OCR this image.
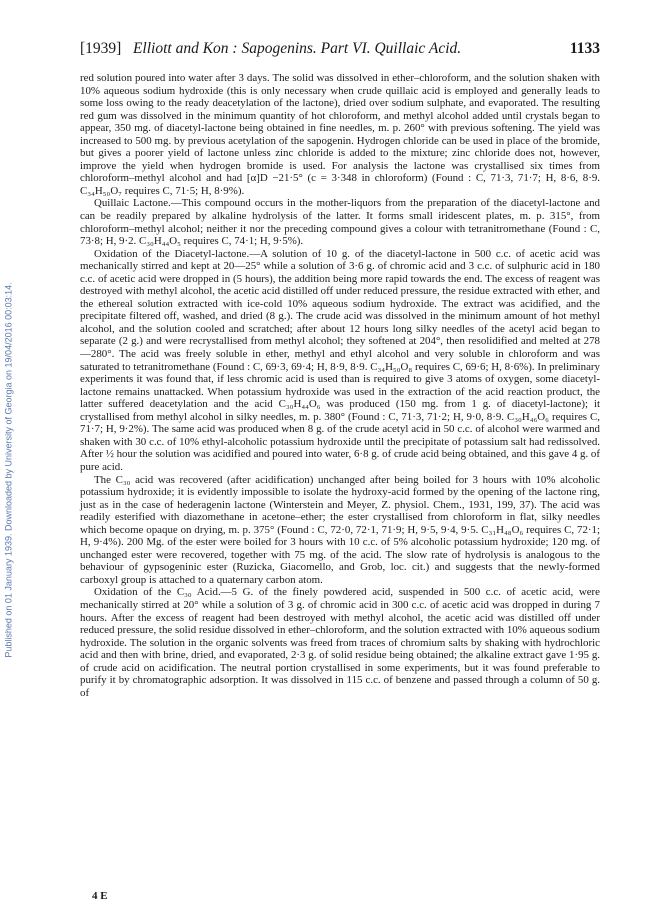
Published on 01 January 1939. Downloaded by University of Georgia on 19/04/2016 00:03:14.
[1939] Elliott and Kon : Sapogenins. Part VI. Quillaic Acid.	1133

red solution poured into water after 3 days. The solid was dissolved in ether–chloroform, and the solution shaken with 10% aqueous sodium hydroxide (this is only necessary when crude quillaic acid is employed and generally leads to some loss owing to the ready deacetylation of the lactone), dried over sodium sulphate, and evaporated. The resulting red gum was dissolved in the minimum quantity of hot chloroform, and methyl alcohol added until crystals began to appear, 350 mg. of diacetyl-lactone being obtained in fine needles, m. p. 260° with previous softening. The yield was increased to 500 mg. by previous acetylation of the sapogenin. Hydrogen chloride can be used in place of the bromide, but gives a poorer yield of lactone unless zinc chloride is added to the mixture; zinc chloride does not, however, improve the yield when hydrogen bromide is used. For analysis the lactone was crystallised six times from chloroform–methyl alcohol and had [α]D −21·5° (c = 3·348 in chloroform) (Found : C, 71·3, 71·7; H, 8·6, 8·9. C₃₄H₅₀O₇ requires C, 71·5; H, 8·9%).

Quillaic Lactone.—This compound occurs in the mother-liquors from the preparation of the diacetyl-lactone and can be readily prepared by alkaline hydrolysis of the latter. It forms small iridescent plates, m. p. 315°, from chloroform–methyl alcohol; neither it nor the preceding compound gives a colour with tetranitromethane (Found : C, 73·8; H, 9·2. C₃₀H₄₄O₅ requires C, 74·1; H, 9·5%).

Oxidation of the Diacetyl-lactone.—A solution of 10 g. of the diacetyl-lactone in 500 c.c. of acetic acid was mechanically stirred and kept at 20—25° while a solution of 3·6 g. of chromic acid and 3 c.c. of sulphuric acid in 180 c.c. of acetic acid were dropped in (5 hours), the addition being more rapid towards the end. The excess of reagent was destroyed with methyl alcohol, the acetic acid distilled off under reduced pressure, the residue extracted with ether, and the ethereal solution extracted with ice-cold 10% aqueous sodium hydroxide. The extract was acidified, and the precipitate filtered off, washed, and dried (8 g.). The crude acid was dissolved in the minimum amount of hot methyl alcohol, and the solution cooled and scratched; after about 12 hours long silky needles of the acetyl acid began to separate (2 g.) and were recrystallised from methyl alcohol; they softened at 204°, then resolidified and melted at 278—280°. The acid was freely soluble in ether, methyl and ethyl alcohol and very soluble in chloroform and was saturated to tetranitromethane (Found : C, 69·3, 69·4; H, 8·9, 8·9. C₃₄H₅₀O₈ requires C, 69·6; H, 8·6%). In preliminary experiments it was found that, if less chromic acid is used than is required to give 3 atoms of oxygen, some diacetyl-lactone remains unattacked. When potassium hydroxide was used in the extraction of the acid reaction product, the latter suffered deacetylation and the acid C₃₀H₄₄O₆ was produced (150 mg. from 1 g. of diacetyl-lactone); it crystallised from methyl alcohol in silky needles, m. p. 380° (Found : C, 71·3, 71·2; H, 9·0, 8·9. C₃₀H₄₆O₆ requires C, 71·7; H, 9·2%). The same acid was produced when 8 g. of the crude acetyl acid in 50 c.c. of alcohol were warmed and shaken with 30 c.c. of 10% ethyl-alcoholic potassium hydroxide until the precipitate of potassium salt had redissolved. After ½ hour the solution was acidified and poured into water, 6·8 g. of crude acid being obtained, and this gave 4 g. of pure acid.

The C₃₀ acid was recovered (after acidification) unchanged after being boiled for 3 hours with 10% alcoholic potassium hydroxide; it is evidently impossible to isolate the hydroxy-acid formed by the opening of the lactone ring, just as in the case of hederagenin lactone (Winterstein and Meyer, Z. physiol. Chem., 1931, 199, 37). The acid was readily esterified with diazomethane in acetone–ether; the ester crystallised from chloroform in flat, silky needles which become opaque on drying, m. p. 375° (Found : C, 72·0, 72·1, 71·9; H, 9·5, 9·4, 9·5. C₃₁H₄₈O₆ requires C, 72·1; H, 9·4%). 200 Mg. of the ester were boiled for 3 hours with 10 c.c. of 5% alcoholic potassium hydroxide; 120 mg. of unchanged ester were recovered, together with 75 mg. of the acid. The slow rate of hydrolysis is analogous to the behaviour of gypsogeninic ester (Ruzicka, Giacomello, and Grob, loc. cit.) and suggests that the newly-formed carboxyl group is attached to a quaternary carbon atom.

Oxidation of the C₃₀ Acid.—5 G. of the finely powdered acid, suspended in 500 c.c. of acetic acid, were mechanically stirred at 20° while a solution of 3 g. of chromic acid in 300 c.c. of acetic acid was dropped in during 7 hours. After the excess of reagent had been destroyed with methyl alcohol, the acetic acid was distilled off under reduced pressure, the solid residue dissolved in ether–chloroform, and the solution extracted with 10% aqueous sodium hydroxide. The solution in the organic solvents was freed from traces of chromium salts by shaking with hydrochloric acid and then with brine, dried, and evaporated, 2·3 g. of solid residue being obtained; the alkaline extract gave 1·95 g. of crude acid on acidification. The neutral portion crystallised in some experiments, but it was found preferable to purify it by chromatographic adsorption. It was dissolved in 115 c.c. of benzene and passed through a column of 50 g. of

4 E
